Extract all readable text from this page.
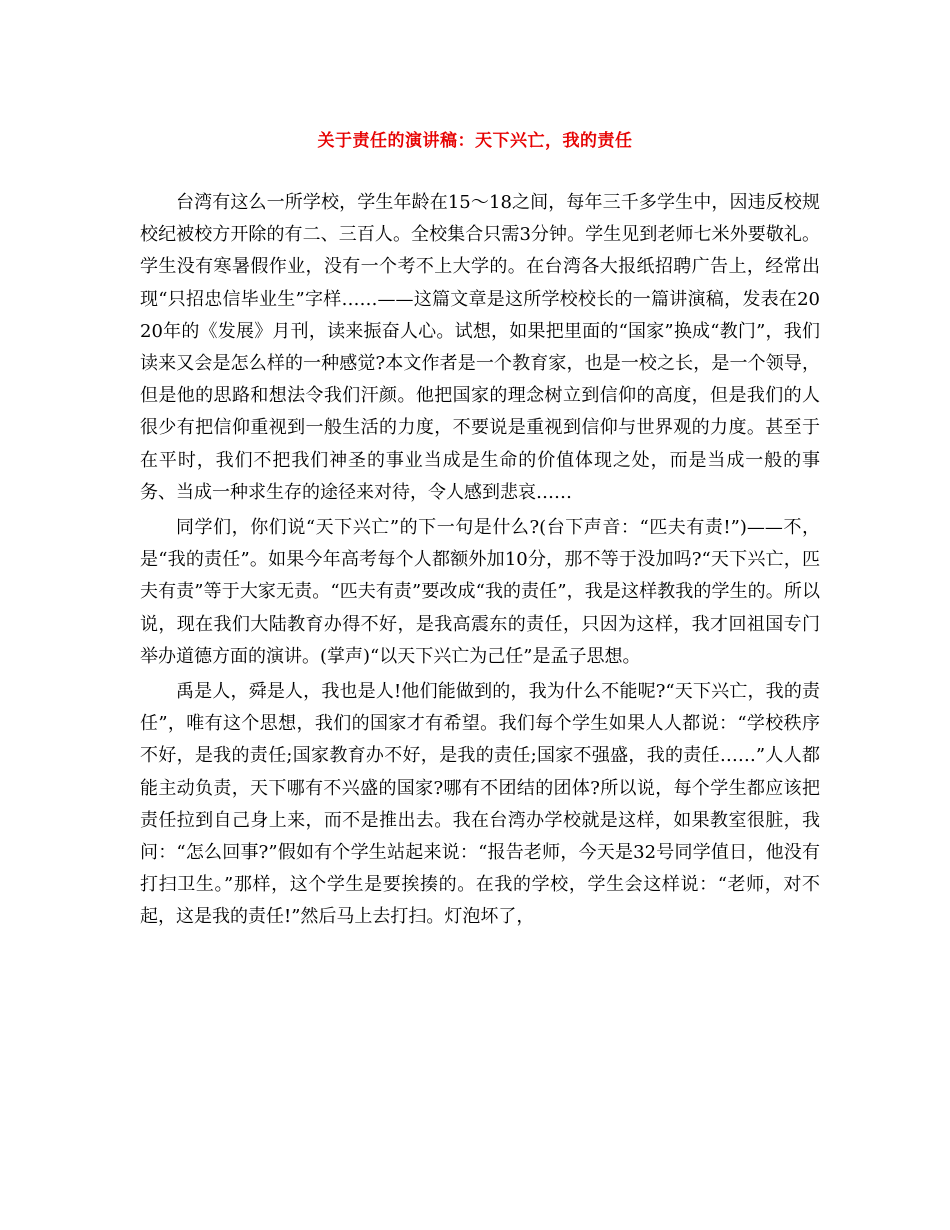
关于责任的演讲稿：天下兴亡，我的责任

台湾有这么一所学校，学生年龄在15～18之间，每年三千多学生中，因违反校规校纪被校方开除的有二、三百人。全校集合只需3分钟。学生见到老师七米外要敬礼。学生没有寒暑假作业，没有一个考不上大学的。在台湾各大报纸招聘广告上，经常出现“只招忠信毕业生”字样……——这篇文章是这所学校校长的一篇讲演稿，发表在2020年的《发展》月刊，读来振奋人心。试想，如果把里面的“国家”换成“教门”，我们读来又会是怎么样的一种感觉?本文作者是一个教育家，也是一校之长，是一个领导，但是他的思路和想法令我们汗颜。他把国家的理念树立到信仰的高度，但是我们的人很少有把信仰重视到一般生活的力度，不要说是重视到信仰与世界观的力度。甚至于在平时，我们不把我们神圣的事业当成是生命的价值体现之处，而是当成一般的事务、当成一种求生存的途径来对待，令人感到悲哀……

同学们，你们说“天下兴亡”的下一句是什么?(台下声音：“匹夫有责!”)——不，是“我的责任”。如果今年高考每个人都额外加10分，那不等于没加吗?“天下兴亡，匹夫有责”等于大家无责。“匹夫有责”要改成“我的责任”，我是这样教我的学生的。所以说，现在我们大陆教育办得不好，是我高震东的责任，只因为这样，我才回祖国专门举办道德方面的演讲。(掌声)“以天下兴亡为己任”是孟子思想。

禹是人，舜是人，我也是人!他们能做到的，我为什么不能呢?“天下兴亡，我的责任”，唯有这个思想，我们的国家才有希望。我们每个学生如果人人都说：“学校秩序不好，是我的责任;国家教育办不好，是我的责任;国家不强盛，我的责任……”人人都能主动负责，天下哪有不兴盛的国家?哪有不团结的团体?所以说，每个学生都应该把责任拉到自己身上来，而不是推出去。我在台湾办学校就是这样，如果教室很脏，我问：“怎么回事?”假如有个学生站起来说：“报告老师，今天是32号同学值日，他没有打扫卫生。”那样，这个学生是要挨揍的。在我的学校，学生会这样说：“老师，对不起，这是我的责任!”然后马上去打扫。灯泡坏了，
